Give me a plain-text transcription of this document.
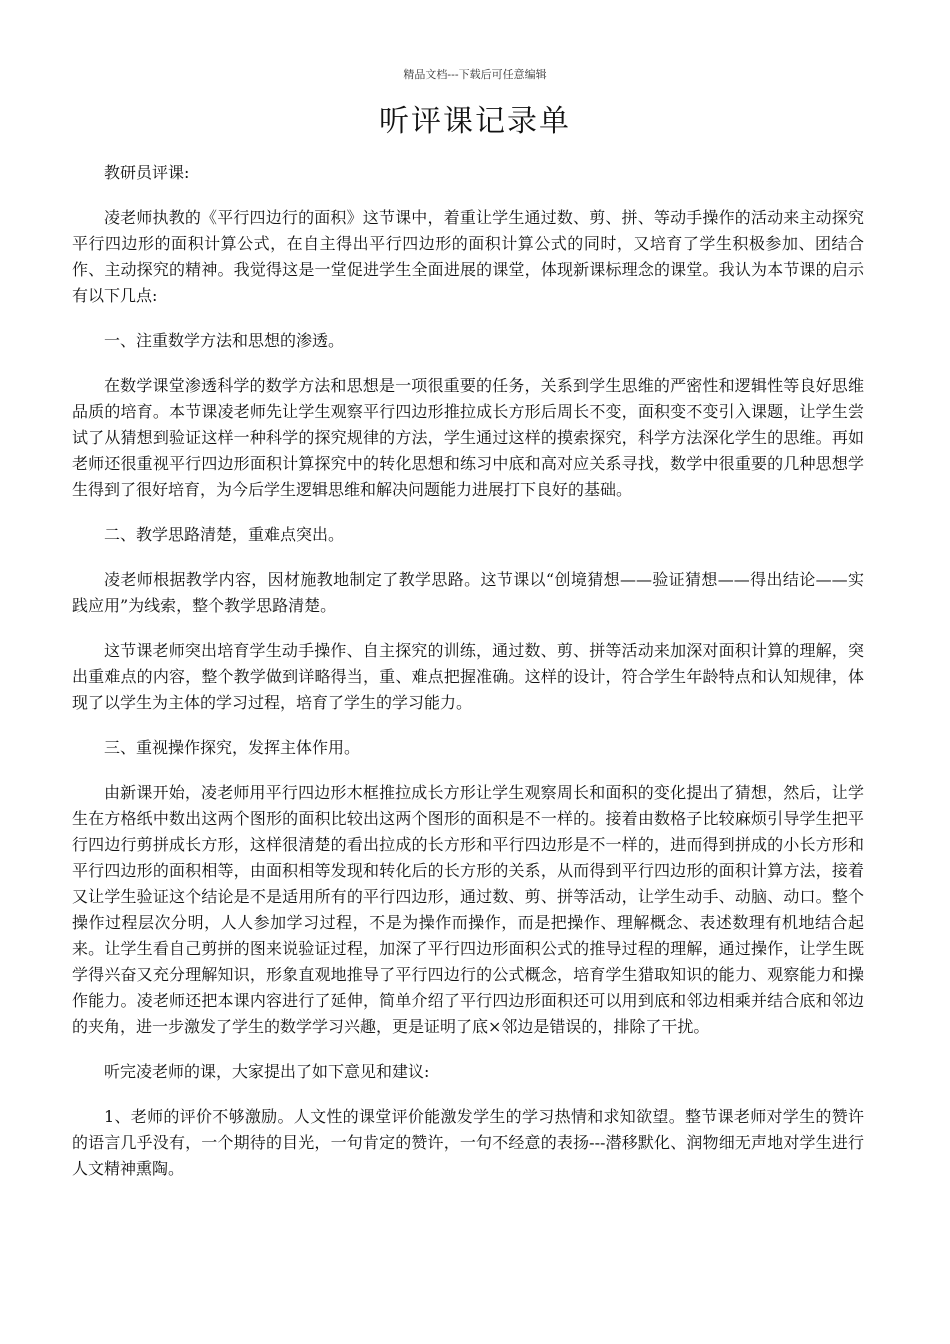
精品文档---下载后可任意编辑
听评课记录单

教研员评课:

凌老师执教的《平行四边行的面积》这节课中，着重让学生通过数、剪、拼、等动手操作的活动来主动探究平行四边形的面积计算公式，在自主得出平行四边形的面积计算公式的同时，又培育了学生积极参加、团结合作、主动探究的精神。我觉得这是一堂促进学生全面进展的课堂，体现新课标理念的课堂。我认为本节课的启示有以下几点:

一、注重数学方法和思想的渗透。

在数学课堂渗透科学的数学方法和思想是一项很重要的任务，关系到学生思维的严密性和逻辑性等良好思维品质的培育。本节课凌老师先让学生观察平行四边形推拉成长方形后周长不变，面积变不变引入课题，让学生尝试了从猜想到验证这样一种科学的探究规律的方法，学生通过这样的摸索探究，科学方法深化学生的思维。再如老师还很重视平行四边形面积计算探究中的转化思想和练习中底和高对应关系寻找，数学中很重要的几种思想学生得到了很好培育，为今后学生逻辑思维和解决问题能力进展打下良好的基础。

二、教学思路清楚，重难点突出。

凌老师根据教学内容，因材施教地制定了教学思路。这节课以“创境猜想——验证猜想——得出结论——实践应用”为线索，整个教学思路清楚。

这节课老师突出培育学生动手操作、自主探究的训练，通过数、剪、拼等活动来加深对面积计算的理解，突出重难点的内容，整个教学做到详略得当，重、难点把握准确。这样的设计，符合学生年龄特点和认知规律，体现了以学生为主体的学习过程，培育了学生的学习能力。

三、重视操作探究，发挥主体作用。

由新课开始，凌老师用平行四边形木框推拉成长方形让学生观察周长和面积的变化提出了猜想，然后，让学生在方格纸中数出这两个图形的面积比较出这两个图形的面积是不一样的。接着由数格子比较麻烦引导学生把平行四边行剪拼成长方形，这样很清楚的看出拉成的长方形和平行四边形是不一样的，进而得到拼成的小长方形和平行四边形的面积相等，由面积相等发现和转化后的长方形的关系，从而得到平行四边形的面积计算方法，接着又让学生验证这个结论是不是适用所有的平行四边形，通过数、剪、拼等活动，让学生动手、动脑、动口。整个操作过程层次分明，人人参加学习过程，不是为操作而操作，而是把操作、理解概念、表述数理有机地结合起来。让学生看自己剪拼的图来说验证过程，加深了平行四边形面积公式的推导过程的理解，通过操作，让学生既学得兴奋又充分理解知识，形象直观地推导了平行四边行的公式概念，培育学生猎取知识的能力、观察能力和操作能力。凌老师还把本课内容进行了延伸，简单介绍了平行四边形面积还可以用到底和邻边相乘并结合底和邻边的夹角，进一步激发了学生的数学学习兴趣，更是证明了底×邻边是错误的，排除了干扰。

听完凌老师的课，大家提出了如下意见和建议:

1、老师的评价不够激励。人文性的课堂评价能激发学生的学习热情和求知欲望。整节课老师对学生的赞许的语言几乎没有，一个期待的目光，一句肯定的赞许，一句不经意的表扬---潜移默化、润物细无声地对学生进行人文精神熏陶。
